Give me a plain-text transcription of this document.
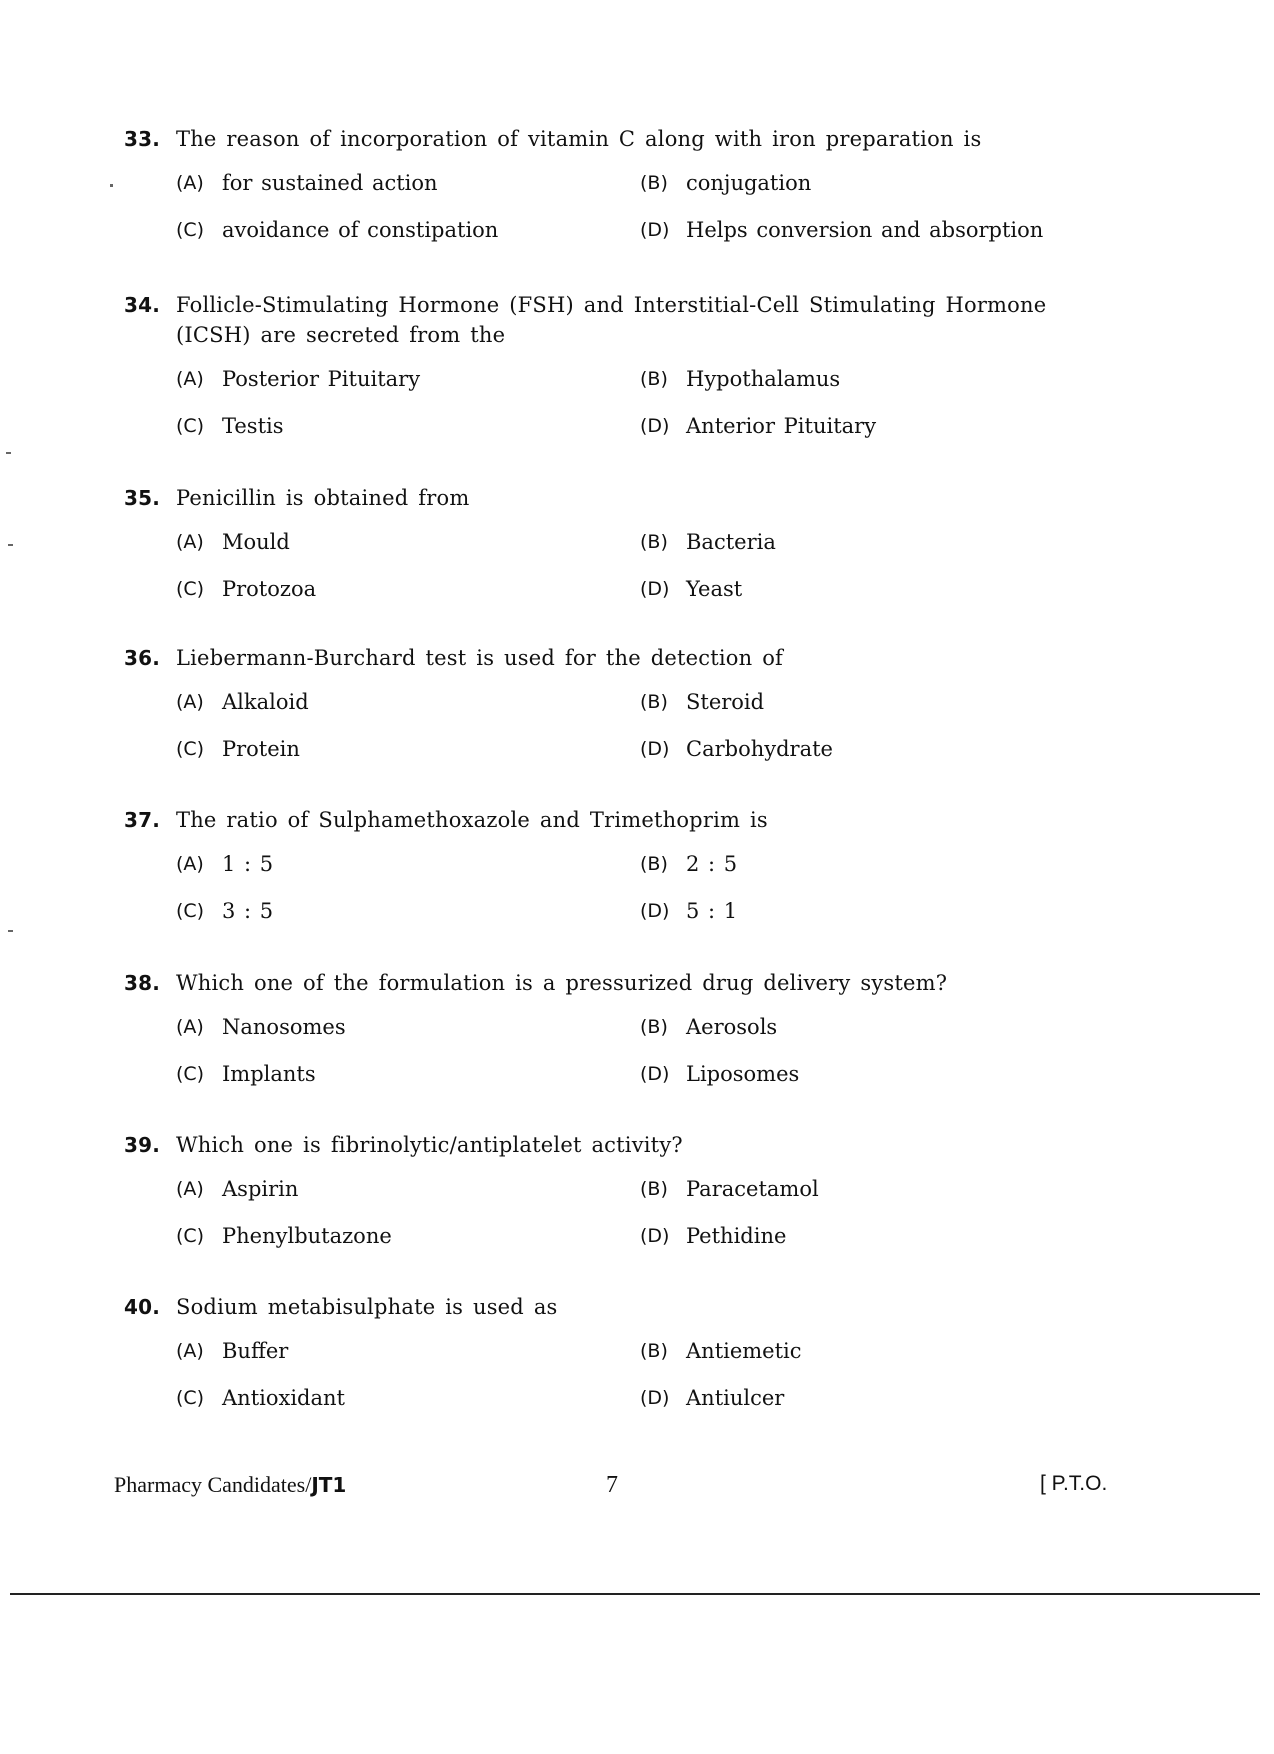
33. The reason of incorporation of vitamin C along with iron preparation is
(A) for sustained action	(B) conjugation
(C) avoidance of constipation	(D) Helps conversion and absorption
34. Follicle-Stimulating Hormone (FSH) and Interstitial-Cell Stimulating Hormone (ICSH) are secreted from the
(A) Posterior Pituitary	(B) Hypothalamus
(C) Testis	(D) Anterior Pituitary
35. Penicillin is obtained from
(A) Mould	(B) Bacteria
(C) Protozoa	(D) Yeast
36. Liebermann-Burchard test is used for the detection of
(A) Alkaloid	(B) Steroid
(C) Protein	(D) Carbohydrate
37. The ratio of Sulphamethoxazole and Trimethoprim is
(A) 1 : 5	(B) 2 : 5
(C) 3 : 5	(D) 5 : 1
38. Which one of the formulation is a pressurized drug delivery system?
(A) Nanosomes	(B) Aerosols
(C) Implants	(D) Liposomes
39. Which one is fibrinolytic/antiplatelet activity?
(A) Aspirin	(B) Paracetamol
(C) Phenylbutazone	(D) Pethidine
40. Sodium metabisulphate is used as
(A) Buffer	(B) Antiemetic
(C) Antioxidant	(D) Antiulcer
Pharmacy Candidates/JT1	7	[ P.T.O.
